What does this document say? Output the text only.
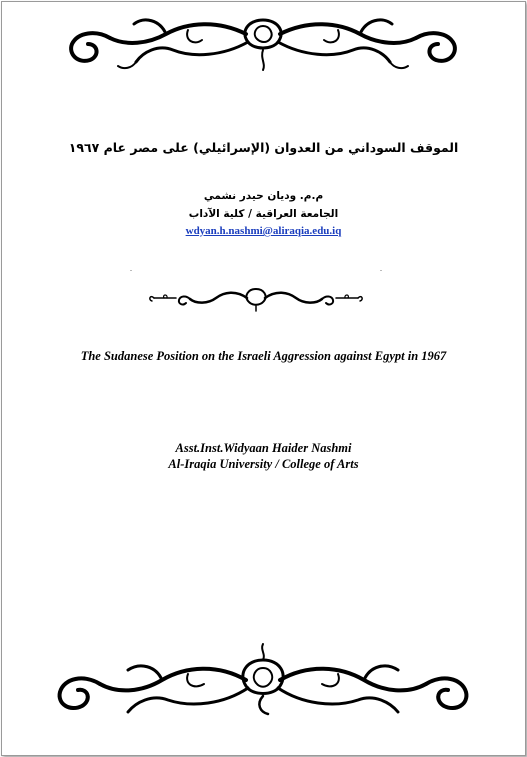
الموقف السوداني من العدوان (الإسرائيلي) على مصر عام ١٩٦٧
م.م. وديان حيدر نشمي
الجامعة العراقية / كلية الآداب
wdyan.h.nashmi@aliraqia.edu.iq
The Sudanese Position on the Israeli Aggression against Egypt in 1967
Asst.Inst.Widyaan Haider Nashmi
Al-Iraqia University / College of Arts
